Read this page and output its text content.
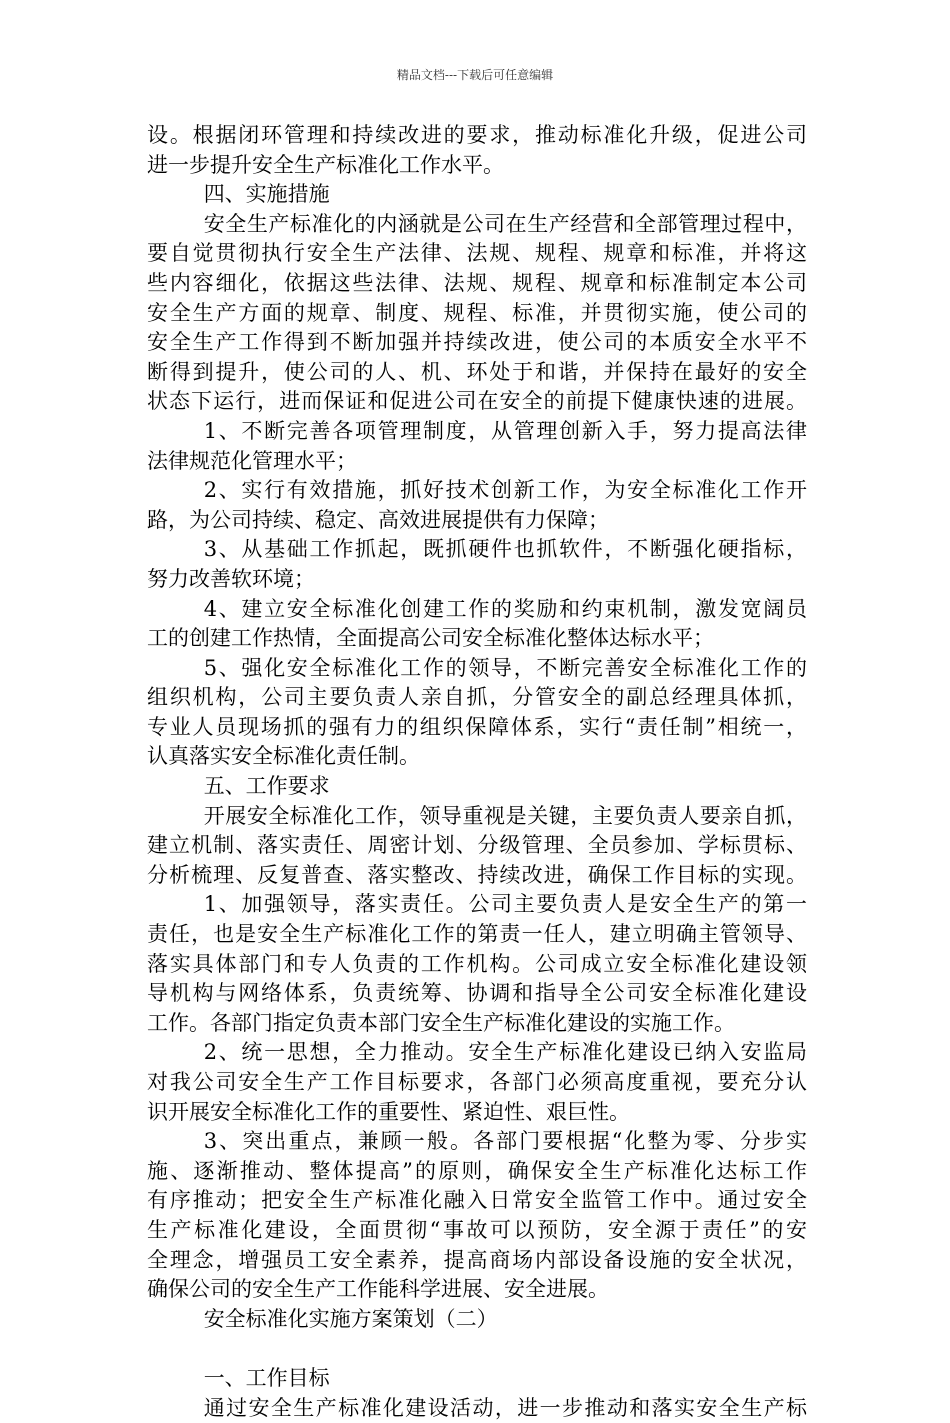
精品文档---下载后可任意编辑
设。根据闭环管理和持续改进的要求，推动标准化升级，促进公司
进一步提升安全生产标准化工作水平。
四、实施措施
安全生产标准化的内涵就是公司在生产经营和全部管理过程中，
要自觉贯彻执行安全生产法律、法规、规程、规章和标准，并将这
些内容细化，依据这些法律、法规、规程、规章和标准制定本公司
安全生产方面的规章、制度、规程、标准，并贯彻实施，使公司的
安全生产工作得到不断加强并持续改进，使公司的本质安全水平不
断得到提升，使公司的人、机、环处于和谐，并保持在最好的安全
状态下运行，进而保证和促进公司在安全的前提下健康快速的进展。
1、不断完善各项管理制度，从管理创新入手，努力提高法律
法律规范化管理水平；
2、实行有效措施，抓好技术创新工作，为安全标准化工作开
路，为公司持续、稳定、高效进展提供有力保障；
3、从基础工作抓起，既抓硬件也抓软件，不断强化硬指标，
努力改善软环境；
4、建立安全标准化创建工作的奖励和约束机制，激发宽阔员
工的创建工作热情，全面提高公司安全标准化整体达标水平；
5、强化安全标准化工作的领导，不断完善安全标准化工作的
组织机构，公司主要负责人亲自抓，分管安全的副总经理具体抓，
专业人员现场抓的强有力的组织保障体系，实行“责任制”相统一，
认真落实安全标准化责任制。
五、工作要求
开展安全标准化工作，领导重视是关键，主要负责人要亲自抓，
建立机制、落实责任、周密计划、分级管理、全员参加、学标贯标、
分析梳理、反复普查、落实整改、持续改进，确保工作目标的实现。
1、加强领导，落实责任。公司主要负责人是安全生产的第一
责任，也是安全生产标准化工作的第责一任人，建立明确主管领导、
落实具体部门和专人负责的工作机构。公司成立安全标准化建设领
导机构与网络体系，负责统筹、协调和指导全公司安全标准化建设
工作。各部门指定负责本部门安全生产标准化建设的实施工作。
2、统一思想，全力推动。安全生产标准化建设已纳入安监局
对我公司安全生产工作目标要求，各部门必须高度重视，要充分认
识开展安全标准化工作的重要性、紧迫性、艰巨性。
3、突出重点，兼顾一般。各部门要根据“化整为零、分步实
施、逐渐推动、整体提高”的原则，确保安全生产标准化达标工作
有序推动；把安全生产标准化融入日常安全监管工作中。通过安全
生产标准化建设，全面贯彻“事故可以预防，安全源于责任”的安
全理念，增强员工安全素养，提高商场内部设备设施的安全状况，
确保公司的安全生产工作能科学进展、安全进展。
安全标准化实施方案策划（二）
一、工作目标
通过安全生产标准化建设活动，进一步推动和落实安全生产标
